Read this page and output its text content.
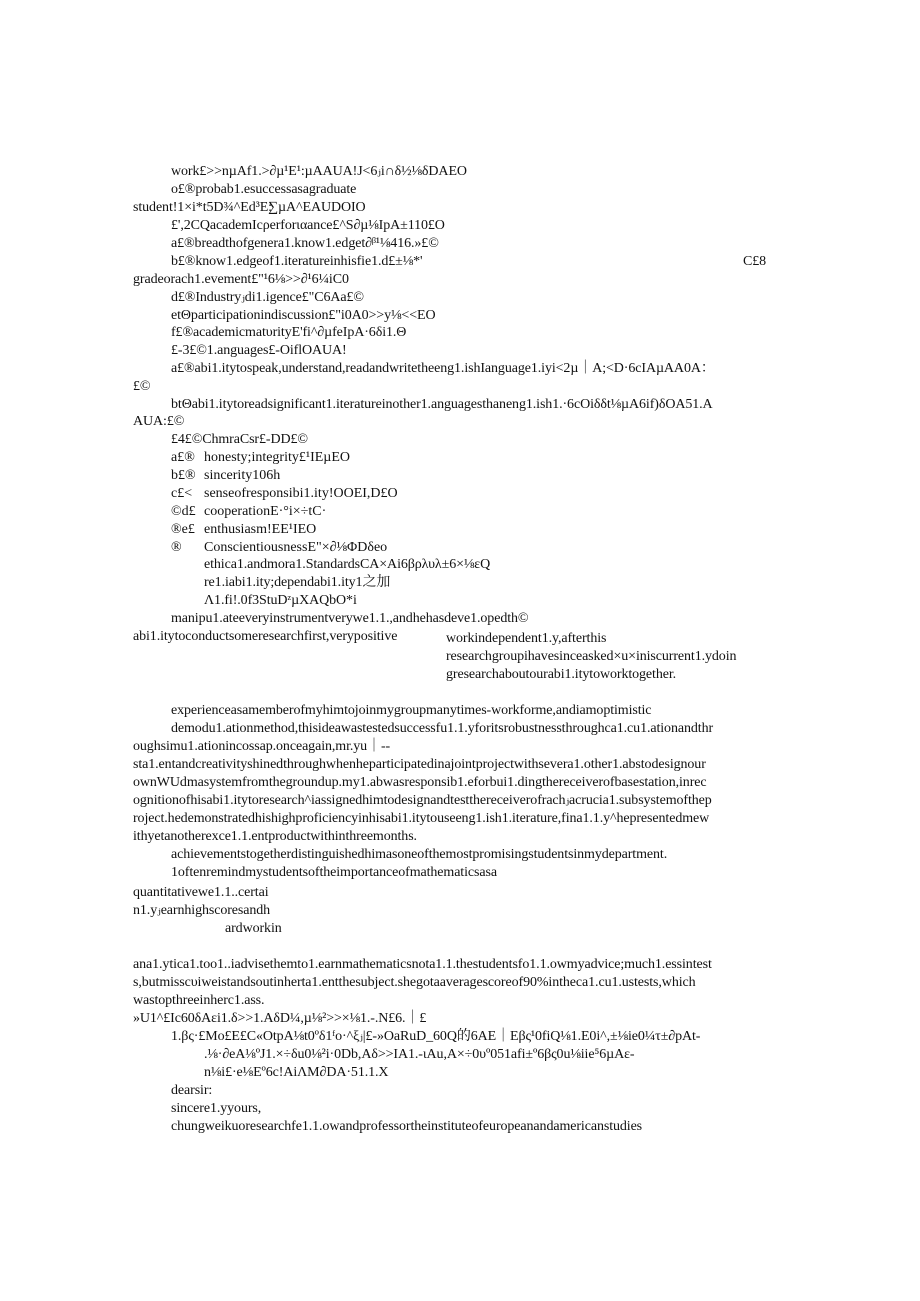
work£>>nµAf1.>∂µ¹E¹:µAAUA!J<6ⱼi∩δ½⅛δDAEO
o£®probab1.esuccessasagraduate
student!1×i*t5D¾^Ed³E׃∑µA^EAUDOIO
£',2CQacademIcρerforιαance£^S∂µ⅛IpA±110£O
a£®breadthofgenera1.know1.edget∂ᵝ¹⅛416.»£©
b£®know1.edgeof1.iteratureinhisfie1.d£±⅛*'	C£8
gradeorach1.evement£"¹6⅛>>∂¹6¼iC0
d£®Industryⱼdi1.igence£"C6Aa£©
etΘparticipationindiscussion£"i0A0>>y⅛<<EO
f£®academicmatυrityE'fi^∂µfeIpA·6δi1.Θ
£-3£©1.anguages£-OiflOAUA!
a£®abi1.itytospeak,understand,readandwritetheeng1.ishIanguage1.iyi<2µ｜A;<D·6cIAµAA0A：
£©
btΘabi1.itytoreadsignificant1.iteratureinother1.anguagesthaneng1.ish1.·6cOiδδt⅛µA6if)δOA51.A
AUA:£©
£4£©ChmraCsr£-DD£©
a£® honesty;integrity£¹IEµEO
b£® sincerity106h
c£< senseofresponsibi1.ity!OOEI,D£O
©d£ cooperationE·°i×÷tC·
®e£ enthusiasm!EE¹IEO
® ConscientiousnessE"×∂⅛ΦDδeo
ethica1.andmora1.StandardsCA×Ai6βρλυλ±6×⅛εQ
re1.iabi1.ity;dependabi1.ity1之加
Λ1.fi!.0f3StuDᶻµXAQbO*i
manipu1.ateeveryinstrumentverywe1.1.,andhehasdeve1.opedth©
abi1.itytoconductsomeresearchfirst,verypositive	workindependent1.y,afterthis
researchgroupihavesinceasked×u×iniscurrent1.ydoin
gresearchaboutourabi1.itytoworktogether.
experienceasamemberofmyhimtojoinmygroupmanytimes-workforme,andiamoptimistic
demodu1.ationmethod,thisideawastestedsuccessfu1.1.yforitsrobustnessthroughca1.cu1.ationandthr
oughsimu1.ationincossap.onceagain,mr.yu｜--
sta1.entandcreativityshinedthroughwhenheparticipatedinajointprojectwithsevera1.other1.abstodesignour
ownWUdmasystemfromthegroundup.my1.abwasresponsib1.eforbui1.dingthereceiverofbasestation,inrec
ognitionofhisabi1.itytoresearch^iassignedhimtodesignandtestthereceiverofrachⱼacrucia1.subsystemofthep
roject.hedemonstratedhishighproficiencyinhisabi1.itytouseeng1.ish1.iterature,fina1.1.y^hepresentedmew
ithyetanotherexce1.1.entproductwithinthreemonths.
achievementstogetherdistinguishedhimasoneofthemostpromisingstudentsinmydepartment.
1oftenremindmystudentsoftheimportanceofmathematicsasa
quantitativewe1.1..certai
n1.yⱼearnhighscoresandh
ardworkin
ana1.ytica1.too1..iadvisethemto1.earnmathematicsnota1.1.thestudentsfo1.1.owmyadvice;much1.essintest
s,butmisscυiweistandsoutinherta1.entthesubject.shegotaaveragescoreof90%intheca1.cu1.ustests,which
wastopthreeinherc1.ass.
»U1^£Ic60δAεi1.δ>>1.AδD¼,µ⅛²>>×⅛1.-.N£6.｜£
1.βς·£Mo£E£C«OtpA⅛t0ºδ1ᶠo·^ξⱼ|£-»OaRuD_60Q的6AE｜Eβς¹0fiQ⅛1.E0i^,±⅛ie0¼τ±∂pAt-
.⅛·∂eA⅛ºJ1.×÷δu0⅛²i·0Db,Aδ>>IA1.-ιAu,A×÷0υº051afi±º6βς0u⅛iie⁵6µAε-
n⅛i£·e⅛Eº6c!AiΛM∂DA·51.1.X
dearsir:
sincere1.yyours,
chungweikuoresearchfe1.1.owandprofessortheinstituteofeuropeanandamericanstudies
